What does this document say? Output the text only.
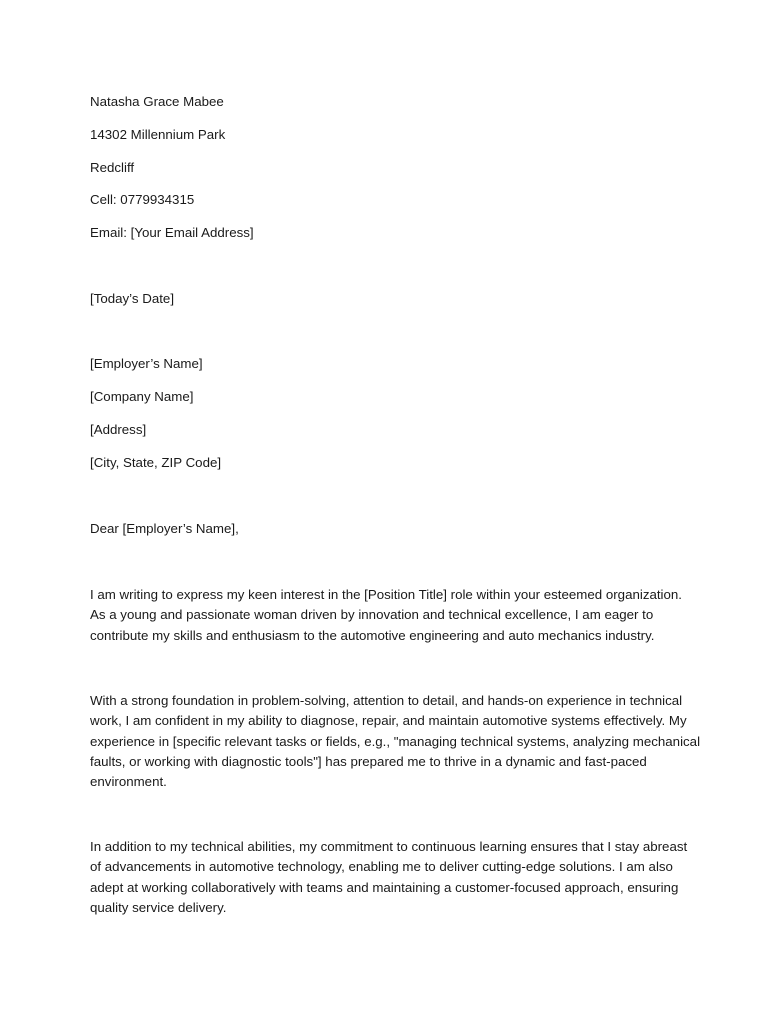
Natasha Grace Mabee
14302 Millennium Park
Redcliff
Cell: 0779934315
Email: [Your Email Address]
[Today’s Date]
[Employer’s Name]
[Company Name]
[Address]
[City, State, ZIP Code]
Dear [Employer’s Name],
I am writing to express my keen interest in the [Position Title] role within your esteemed organization.
As a young and passionate woman driven by innovation and technical excellence, I am eager to
contribute my skills and enthusiasm to the automotive engineering and auto mechanics industry.
With a strong foundation in problem-solving, attention to detail, and hands-on experience in technical
work, I am confident in my ability to diagnose, repair, and maintain automotive systems effectively. My
experience in [specific relevant tasks or fields, e.g., "managing technical systems, analyzing mechanical
faults, or working with diagnostic tools"] has prepared me to thrive in a dynamic and fast-paced
environment.
In addition to my technical abilities, my commitment to continuous learning ensures that I stay abreast
of advancements in automotive technology, enabling me to deliver cutting-edge solutions. I am also
adept at working collaboratively with teams and maintaining a customer-focused approach, ensuring
quality service delivery.
